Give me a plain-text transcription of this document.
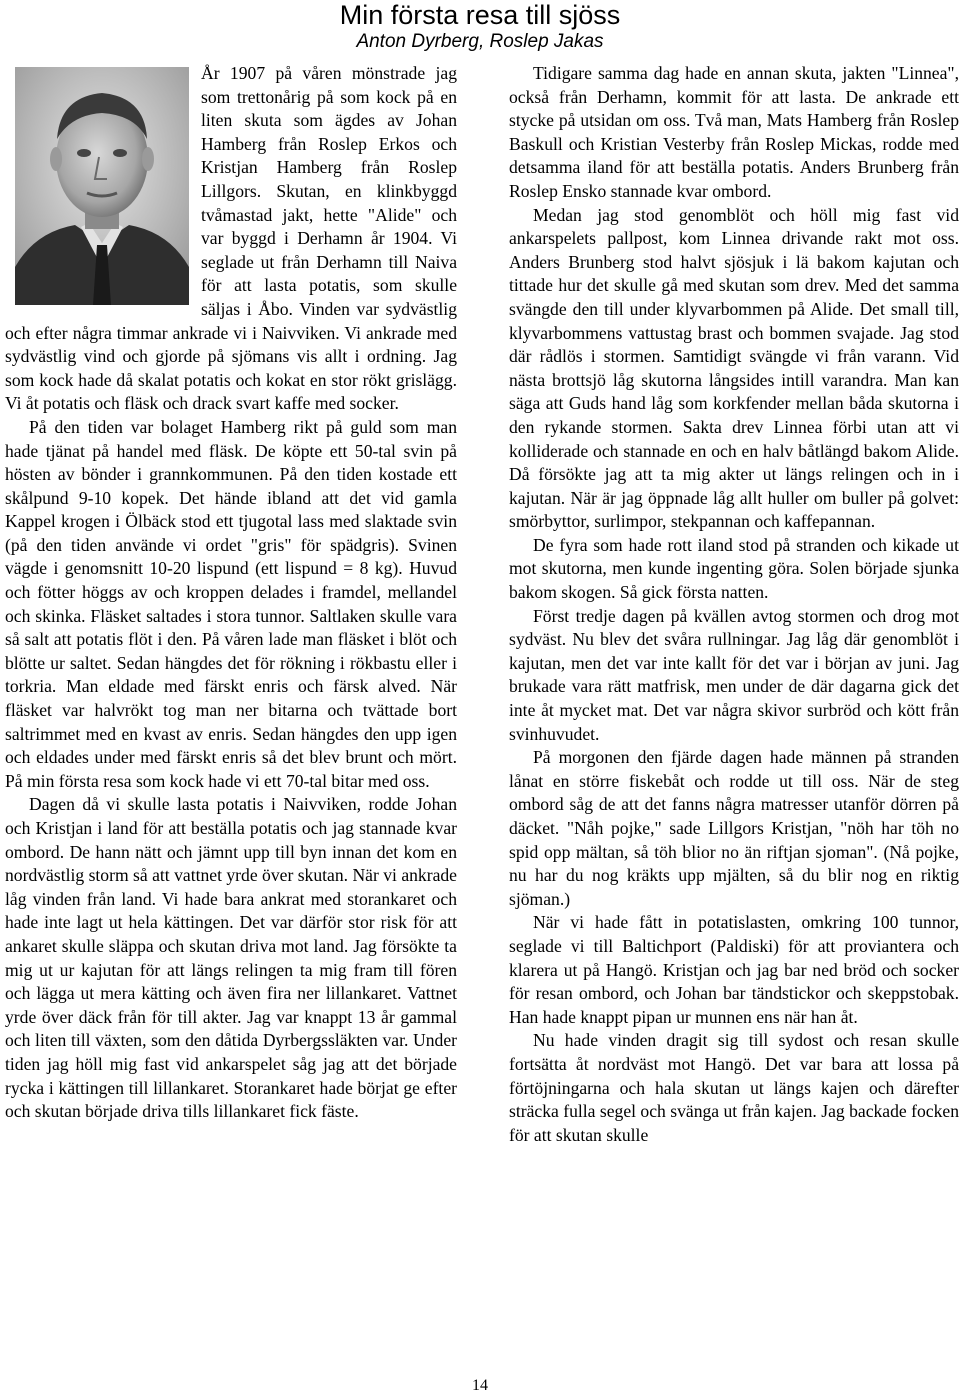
Min första resa till sjöss
Anton Dyrberg, Roslep Jakas

År 1907 på våren mönstrade jag som trettonårig på som kock på en liten skuta som ägdes av Johan Hamberg från Roslep Erkos och Kristjan Hamberg från Roslep Lillgors. Skutan, en klinkbyggd tvåmastad jakt, hette "Alide" och var byggd i Derhamn år 1904. Vi seglade ut från Derhamn till Naiva för att lasta potatis, som skulle säljas i Åbo. Vinden var sydvästlig och efter några timmar ankrade vi i Naivviken. Vi ankrade med sydvästlig vind och gjorde på sjömans vis allt i ordning. Jag som kock hade då skalat potatis och kokat en stor rökt grislägg. Vi åt potatis och fläsk och drack svart kaffe med socker.

På den tiden var bolaget Hamberg rikt på guld som man hade tjänat på handel med fläsk. De köpte ett 50-tal svin på hösten av bönder i grannkommunen. På den tiden kostade ett skålpund 9-10 kopek. Det hände ibland att det vid gamla Kappel krogen i Ölbäck stod ett tjugotal lass med slaktade svin (på den tiden använde vi ordet "gris" för spädgris). Svinen vägde i genomsnitt 10-20 lispund (ett lispund = 8 kg). Huvud och fötter höggs av och kroppen delades i framdel, mellandel och skinka. Fläsket saltades i stora tunnor. Saltlaken skulle vara så salt att potatis flöt i den. På våren lade man fläsket i blöt och blötte ur saltet. Sedan hängdes det för rökning i rökbastu eller i torkria. Man eldade med färskt enris och färsk alved. När fläsket var halvrökt tog man ner bitarna och tvättade bort saltrimmet med en kvast av enris. Sedan hängdes den upp igen och eldades under med färskt enris så det blev brunt och mört. På min första resa som kock hade vi ett 70-tal bitar med oss.

Dagen då vi skulle lasta potatis i Naivviken, rodde Johan och Kristjan i land för att beställa potatis och jag stannade kvar ombord. De hann nätt och jämnt upp till byn innan det kom en nordvästlig storm så att vattnet yrde över skutan. När vi ankrade låg vinden från land. Vi hade bara ankrat med storankaret och hade inte lagt ut hela kättingen. Det var därför stor risk för att ankaret skulle släppa och skutan driva mot land. Jag försökte ta mig ut ur kajutan för att längs relingen ta mig fram till fören och lägga ut mera kätting och även fira ner lillankaret. Vattnet yrde över däck från för till akter. Jag var knappt 13 år gammal och liten till växten, som den dåtida Dyrbergssläkten var. Under tiden jag höll mig fast vid ankarspelet såg jag att det började rycka i kättingen till lillankaret. Storankaret hade börjat ge efter och skutan började driva tills lillankaret fick fäste.

Tidigare samma dag hade en annan skuta, jakten "Linnea", också från Derhamn, kommit för att lasta. De ankrade ett stycke på utsidan om oss. Två man, Mats Hamberg från Roslep Baskull och Kristian Vesterby från Roslep Mickas, rodde med detsamma iland för att beställa potatis. Anders Brunberg från Roslep Ensko stannade kvar ombord.

Medan jag stod genomblöt och höll mig fast vid ankarspelets pallpost, kom Linnea drivande rakt mot oss. Anders Brunberg stod halvt sjösjuk i lä bakom kajutan och tittade hur det skulle gå med skutan som drev. Med det samma svängde den till under klyvarbommen på Alide. Det small till, klyvarbommens vattustag brast och bommen svajade. Jag stod där rådlös i stormen. Samtidigt svängde vi från varann. Vid nästa brottsjö låg skutorna långsides intill varandra. Man kan säga att Guds hand låg som korkfender mellan båda skutorna i den rykande stormen. Sakta drev Linnea förbi utan att vi kolliderade och stannade en och en halv båtlängd bakom Alide. Då försökte jag att ta mig akter ut längs relingen och in i kajutan. När är jag öppnade låg allt huller om buller på golvet: smörbyttor, surlimpor, stekpannan och kaffepannan.

De fyra som hade rott iland stod på stranden och kikade ut mot skutorna, men kunde ingenting göra. Solen började sjunka bakom skogen. Så gick första natten.

Först tredje dagen på kvällen avtog stormen och drog mot sydväst. Nu blev det svåra rullningar. Jag låg där genomblöt i kajutan, men det var inte kallt för det var i början av juni. Jag brukade vara rätt matfrisk, men under de där dagarna gick det inte åt mycket mat. Det var några skivor surbröd och kött från svinhuvudet.

På morgonen den fjärde dagen hade männen på stranden lånat en större fiskebåt och rodde ut till oss. När de steg ombord såg de att det fanns några matresser utanför dörren på däcket. "Nåh pojke," sade Lillgors Kristjan, "nöh har töh no spid opp mältan, så töh blior no än riftjan sjoman". (Nå pojke, nu har du nog kräkts upp mjälten, så du blir nog en riktig sjöman.)

När vi hade fått in potatislasten, omkring 100 tunnor, seglade vi till Baltichport (Paldiski) för att proviantera och klarera ut på Hangö. Kristjan och jag bar ned bröd och socker för resan ombord, och Johan bar tändstickor och skeppstobak. Han hade knappt pipan ur munnen ens när han åt.

Nu hade vinden dragit sig till sydost och resan skulle fortsätta åt nordväst mot Hangö. Det var bara att lossa på förtöjningarna och hala skutan ut längs kajen och därefter sträcka fulla segel och svänga ut från kajen. Jag backade focken för att skutan skulle

14
